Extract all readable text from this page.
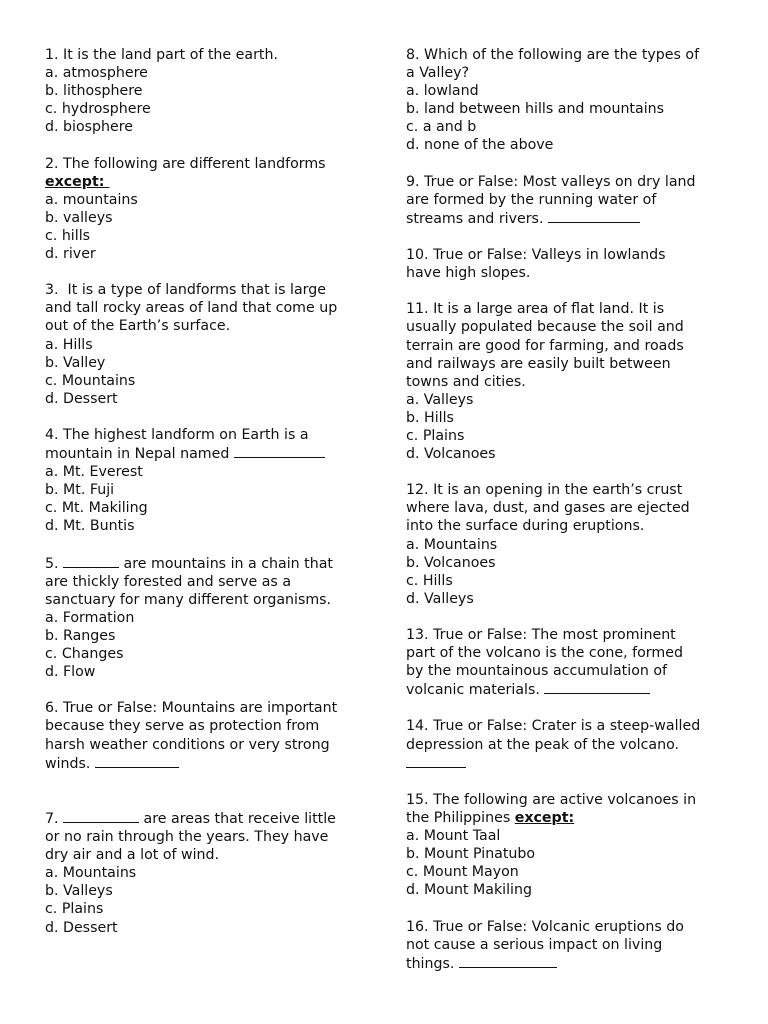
1. It is the land part of the earth.

a. atmosphere

b. lithosphere

c. hydrosphere

d. biosphere

2. The following are different landforms

except:

a. mountains

b. valleys

c. hills

d. river

3.  It is a type of landforms that is large

and tall rocky areas of land that come up

out of the Earth’s surface.

a. Hills

b. Valley

c. Mountains

d. Dessert

4. The highest landform on Earth is a

mountain in Nepal named

a. Mt. Everest

b. Mt. Fuji

c. Mt. Makiling

d. Mt. Buntis

5.	are mountains in a chain that

are thickly forested and serve as a

sanctuary for many different organisms.

a. Formation

b. Ranges

c. Changes

d. Flow

6. True or False: Mountains are important

because they serve as protection from

harsh weather conditions or very strong

winds.

7.	are areas that receive little

or no rain through the years. They have

dry air and a lot of wind.

a. Mountains

b. Valleys

c. Plains

d. Dessert

8. Which of the following are the types of

a Valley?

a. lowland

b. land between hills and mountains

c. a and b

d. none of the above

9. True or False: Most valleys on dry land

are formed by the running water of

streams and rivers.

10. True or False: Valleys in lowlands

have high slopes.

11. It is a large area of flat land. It is

usually populated because the soil and

terrain are good for farming, and roads

and railways are easily built between

towns and cities.

a. Valleys

b. Hills

c. Plains

d. Volcanoes

12. It is an opening in the earth’s crust

where lava, dust, and gases are ejected

into the surface during eruptions.

a. Mountains

b. Volcanoes

c. Hills

d. Valleys

13. True or False: The most prominent

part of the volcano is the cone, formed

by the mountainous accumulation of

volcanic materials.

14. True or False: Crater is a steep-walled

depression at the peak of the volcano.

15. The following are active volcanoes in

the Philippines except:

a. Mount Taal

b. Mount Pinatubo

c. Mount Mayon

d. Mount Makiling

16. True or False: Volcanic eruptions do

not cause a serious impact on living

things.
